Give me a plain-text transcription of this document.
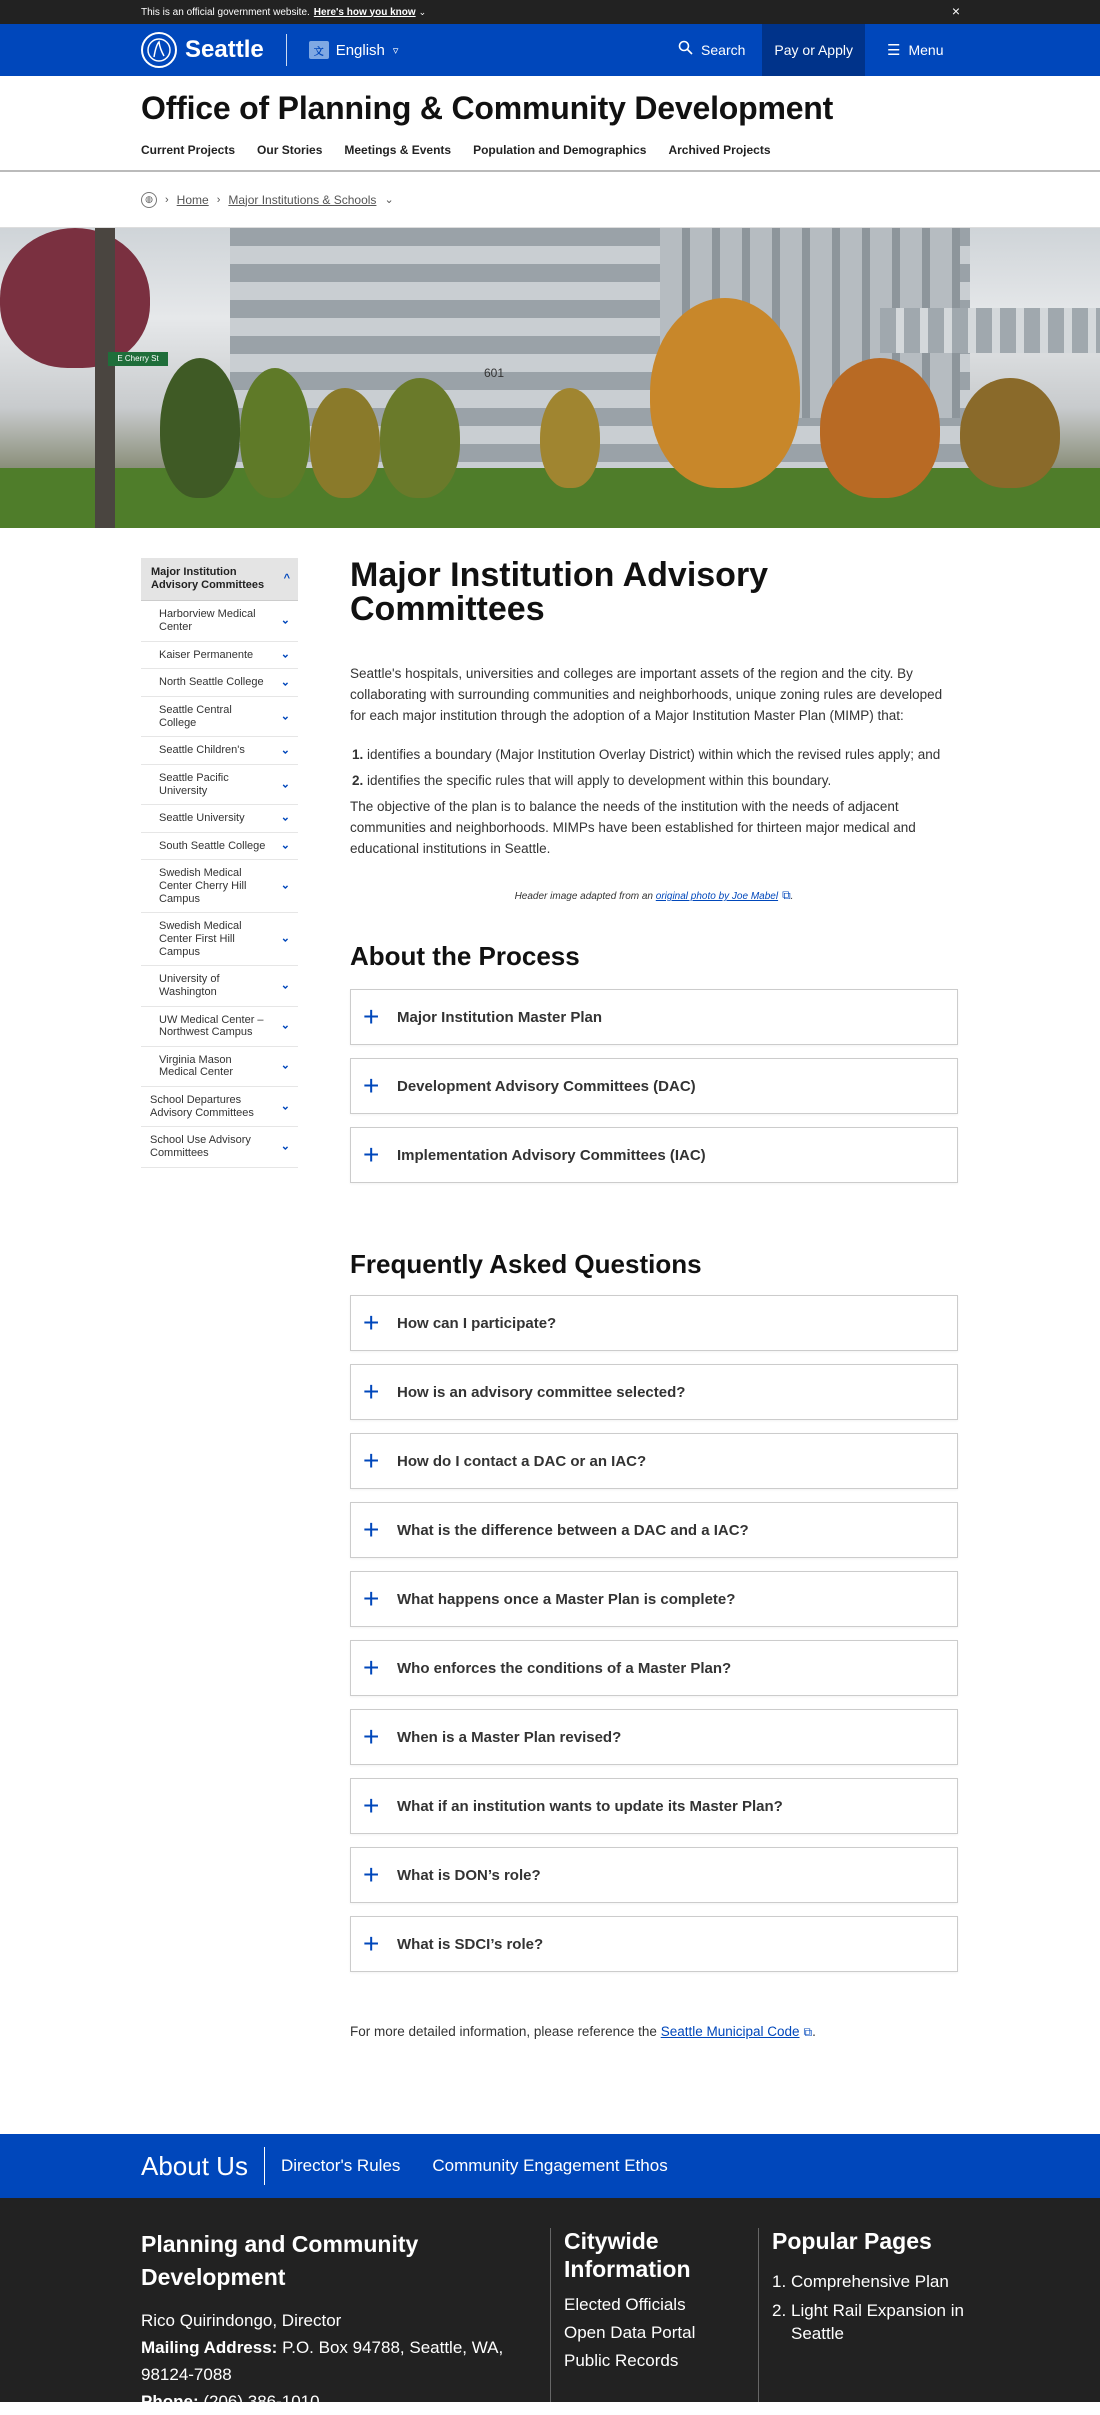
This is an official government website. Here's how you know ⌄	×
Seattle	文 English ▿	Search	Pay or Apply	☰ Menu
Office of Planning & Community Development
Current Projects Our Stories Meetings & Events Population and Demographics Archived Projects
◍	› Home › Major Institutions & Schools ⌄
E Cherry St
601
Major Institution Advisory Committees
^
Harborview Medical Center
⌄
Kaiser Permanente	⌄
North Seattle College ⌄
Seattle Central College
⌄
Seattle Children's	⌄
Seattle Pacific University
⌄
Seattle University	⌄
South Seattle College ⌄
Swedish Medical Center Cherry Hill Campus
⌄
Swedish Medical Center First Hill Campus
⌄
University of Washington
⌄
UW Medical Center – Northwest Campus
⌄
Virginia Mason Medical Center
⌄
School Departures Advisory Committees
⌄
School Use Advisory Committees
⌄
Major Institution Advisory Committees

Seattle's hospitals, universities and colleges are important assets of the region and the city. By collaborating with surrounding communities and neighborhoods, unique zoning rules are developed for each major institution through the adoption of a Major Institution Master Plan (MIMP) that:

1. identifies a boundary (Major Institution Overlay District) within which the revised rules apply; and
2. identifies the specific rules that will apply to development within this boundary.

The objective of the plan is to balance the needs of the institution with the needs of adjacent communities and neighborhoods. MIMPs have been established for thirteen major medical and educational institutions in Seattle.

Header image adapted from an original photo by Joe Mabel ⧉.
About the Process
+	Major Institution Master Plan
+	Development Advisory Committees (DAC)
+	Implementation Advisory Committees (IAC)
Frequently Asked Questions
+	How can I participate?
+	How is an advisory committee selected?
+	How do I contact a DAC or an IAC?
+	What is the difference between a DAC and a IAC?
+	What happens once a Master Plan is complete?
+	Who enforces the conditions of a Master Plan?
+	When is a Master Plan revised?
+	What if an institution wants to update its Master Plan?
+	What is DON’s role?
+	What is SDCI’s role?

For more detailed information, please reference the Seattle Municipal Code ⧉.

About Us Director's Rules Community Engagement Ethos
Planning and Community Development
Rico Quirindongo, Director
Mailing Address: P.O. Box 94788, Seattle, WA, 98124-7088
Phone: (206) 386-1010
Citywide Information
Elected Officials
Open Data Portal
Public Records
Popular Pages
1. Comprehensive Plan
2. Light Rail Expansion in Seattle
